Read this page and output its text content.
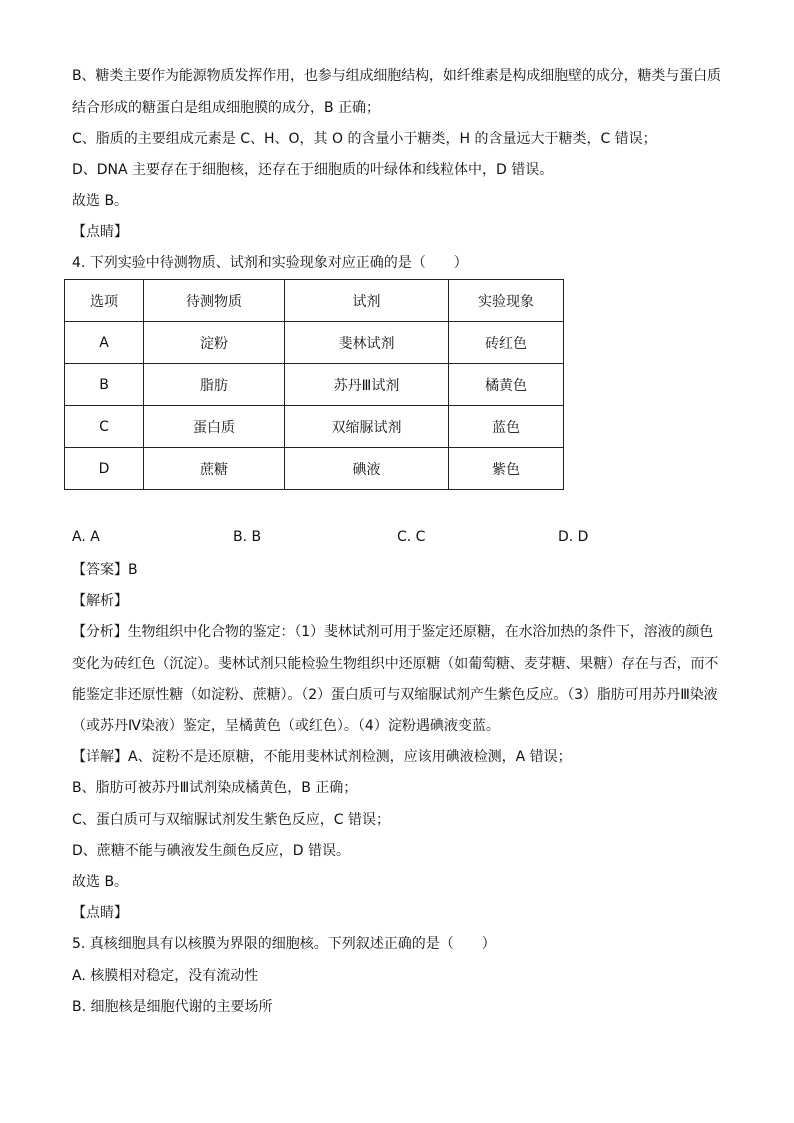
B、糖类主要作为能源物质发挥作用，也参与组成细胞结构，如纤维素是构成细胞壁的成分，糖类与蛋白质
结合形成的糖蛋白是组成细胞膜的成分，B 正确；
C、脂质的主要组成元素是 C、H、O，其 O 的含量小于糖类，H 的含量远大于糖类，C 错误；
D、DNA 主要存在于细胞核，还存在于细胞质的叶绿体和线粒体中，D 错误。
故选 B。
【点睛】
4. 下列实验中待测物质、试剂和实验现象对应正确的是（　　）
选项	待测物质	试剂	实验现象
A	淀粉	斐林试剂	砖红色
B	脂肪	苏丹Ⅲ试剂	橘黄色
C	蛋白质	双缩脲试剂	蓝色
D	蔗糖	碘液	紫色
A. A	B. B	C. C	D. D
【答案】B
【解析】
【分析】生物组织中化合物的鉴定：（1）斐林试剂可用于鉴定还原糖，在水浴加热的条件下，溶液的颜色
变化为砖红色（沉淀）。斐林试剂只能检验生物组织中还原糖（如葡萄糖、麦芽糖、果糖）存在与否，而不
能鉴定非还原性糖（如淀粉、蔗糖）。（2）蛋白质可与双缩脲试剂产生紫色反应。（3）脂肪可用苏丹Ⅲ染液
（或苏丹Ⅳ染液）鉴定，呈橘黄色（或红色）。（4）淀粉遇碘液变蓝。
【详解】A、淀粉不是还原糖，不能用斐林试剂检测，应该用碘液检测，A 错误；
B、脂肪可被苏丹Ⅲ试剂染成橘黄色，B 正确；
C、蛋白质可与双缩脲试剂发生紫色反应，C 错误；
D、蔗糖不能与碘液发生颜色反应，D 错误。
故选 B。
【点睛】
5. 真核细胞具有以核膜为界限的细胞核。下列叙述正确的是（　　）
A. 核膜相对稳定，没有流动性
B. 细胞核是细胞代谢的主要场所
